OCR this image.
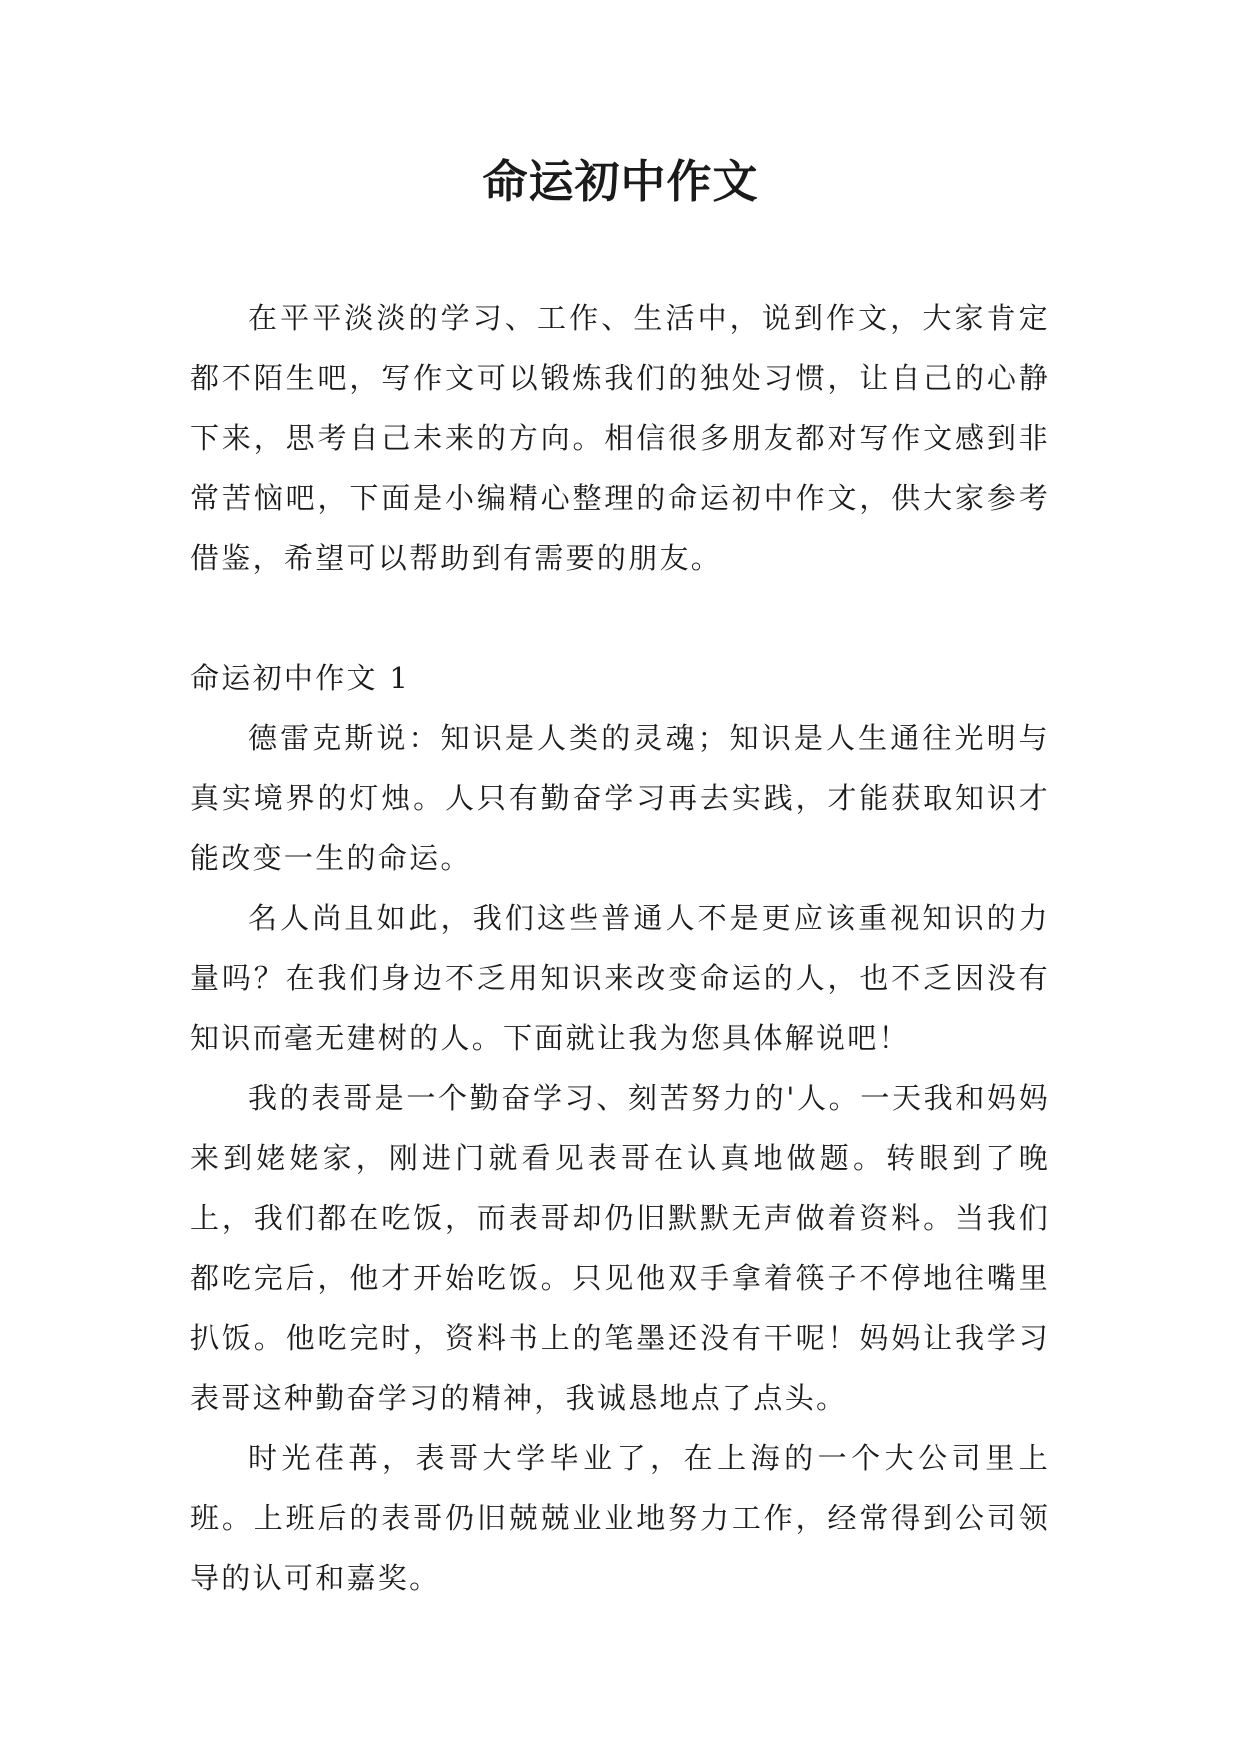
命运初中作文

在平平淡淡的学习、工作、生活中，说到作文，大家肯定都不陌生吧，写作文可以锻炼我们的独处习惯，让自己的心静下来，思考自己未来的方向。相信很多朋友都对写作文感到非常苦恼吧，下面是小编精心整理的命运初中作文，供大家参考借鉴，希望可以帮助到有需要的朋友。

命运初中作文 1

德雷克斯说：知识是人类的灵魂；知识是人生通往光明与真实境界的灯烛。人只有勤奋学习再去实践，才能获取知识才能改变一生的命运。

名人尚且如此，我们这些普通人不是更应该重视知识的力量吗？在我们身边不乏用知识来改变命运的人，也不乏因没有知识而毫无建树的人。下面就让我为您具体解说吧！

我的表哥是一个勤奋学习、刻苦努力的'人。一天我和妈妈来到姥姥家，刚进门就看见表哥在认真地做题。转眼到了晚上，我们都在吃饭，而表哥却仍旧默默无声做着资料。当我们都吃完后，他才开始吃饭。只见他双手拿着筷子不停地往嘴里扒饭。他吃完时，资料书上的笔墨还没有干呢！妈妈让我学习表哥这种勤奋学习的精神，我诚恳地点了点头。

时光荏苒，表哥大学毕业了，在上海的一个大公司里上班。上班后的表哥仍旧兢兢业业地努力工作，经常得到公司领导的认可和嘉奖。
